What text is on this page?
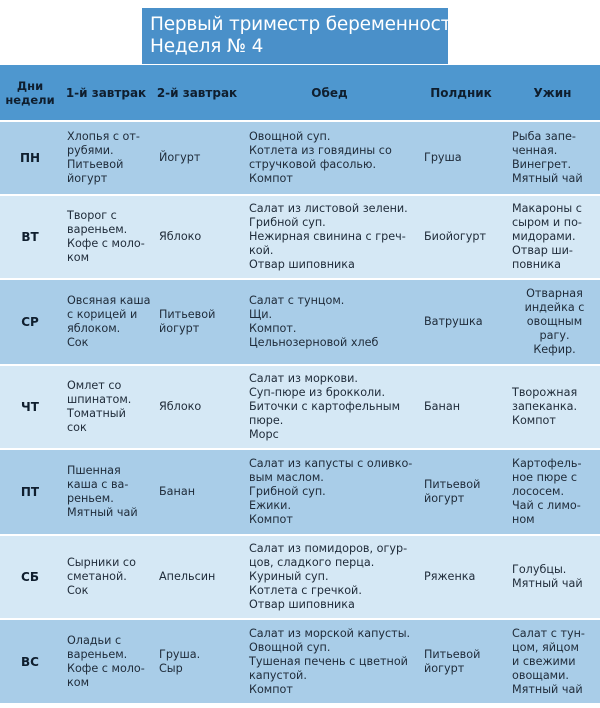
Первый триместр беременности.
Неделя № 4
Дни
недели	1-й завтрак	2-й завтрак	Обед	Полдник	Ужин
ПН	Хлопья с от-
рубями.
Питьевой
йогурт	Йогурт	Овощной суп.
Котлета из говядины со
стручковой фасолью.
Компот	Груша	Рыба запе-
ченная.
Винегрет.
Мятный чай

ВТ	Творог с
вареньем.
Кофе с моло-
ком	Яблоко	Салат из листовой зелени.
Грибной суп.
Нежирная свинина с греч-
кой.
Отвар шиповника	Биойогурт	Макароны с
сыром и по-
мидорами.
Отвар ши-
повника

СР	Овсяная каша
с корицей и
яблоком.
Сок	Питьевой
йогурт	Салат с тунцом.
Щи.
Компот.
Цельнозерновой хлеб	Ватрушка	Отварная
индейка с
овощным
рагу.
Кефир.

ЧТ	Омлет со
шпинатом.
Томатный
сок	Яблоко	Салат из моркови.
Суп-пюре из брокколи.
Биточки с картофельным
пюре.
Морс	Банан	Творожная
запеканка.
Компот

ПТ	Пшенная
каша с ва-
реньем.
Мятный чай	Банан	Салат из капусты с оливко-
вым маслом.
Грибной суп.
Ежики.
Компот	Питьевой
йогурт	Картофель-
ное пюре с
лососем.
Чай с лимо-
ном

СБ	Сырники со
сметаной.
Сок	Апельсин	Салат из помидоров, огур-
цов, сладкого перца.
Куриный суп.
Котлета с гречкой.
Отвар шиповника	Ряженка	Голубцы.
Мятный чай

ВС	Оладьи с
вареньем.
Кофе с моло-
ком	Груша.
Сыр	Салат из морской капусты.
Овощной суп.
Тушеная печень с цветной
капустой.
Компот	Питьевой
йогурт	Салат с тун-
цом, яйцом
и свежими
овощами.
Мятный чай
